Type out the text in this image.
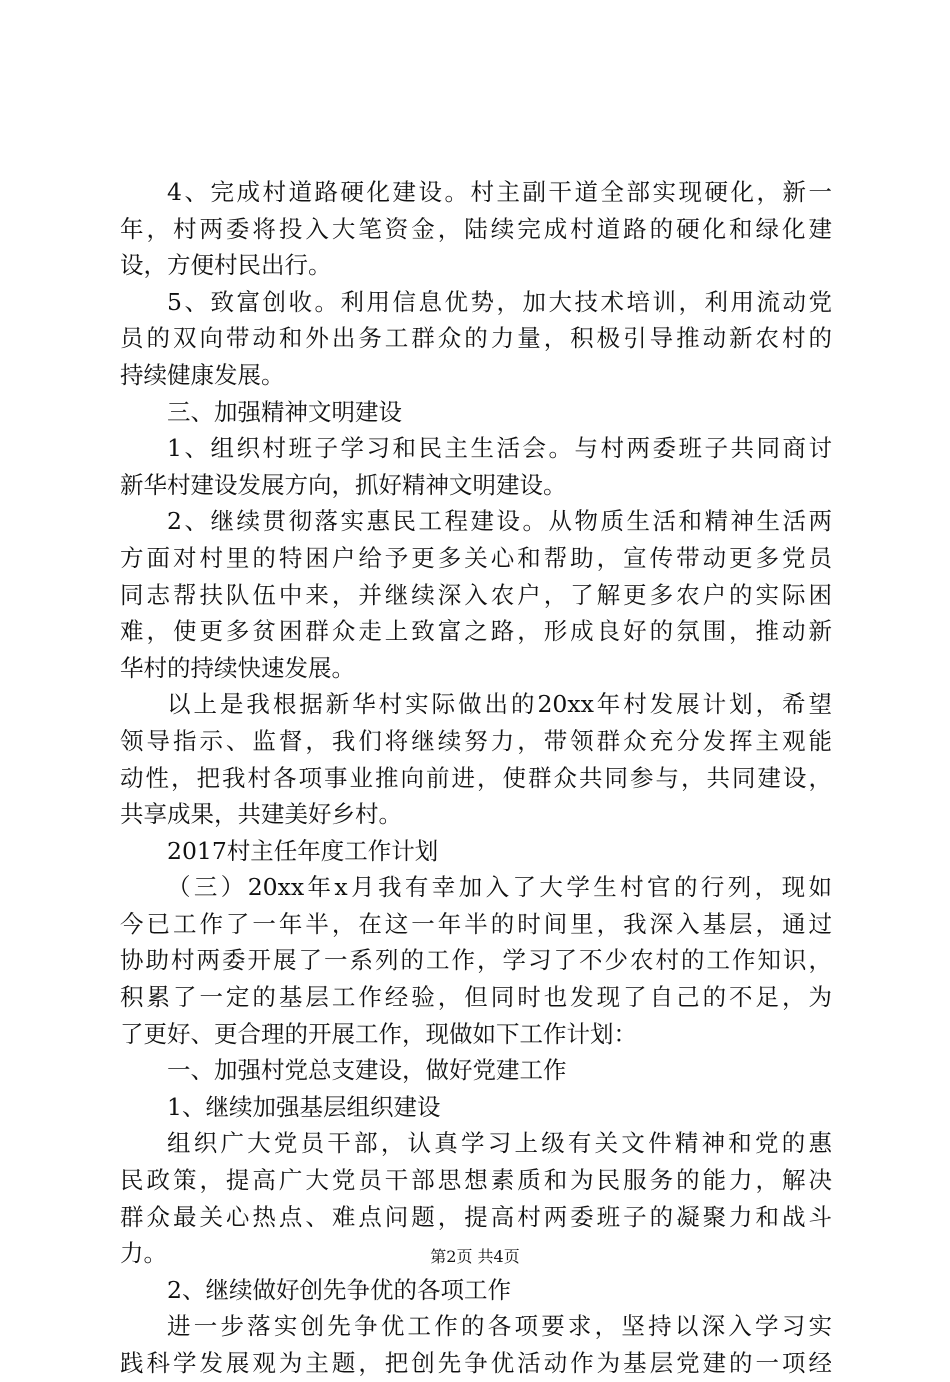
4、完成村道路硬化建设。村主副干道全部实现硬化，新一
年，村两委将投入大笔资金，陆续完成村道路的硬化和绿化建
设，方便村民出行。
5、致富创收。利用信息优势，加大技术培训，利用流动党
员的双向带动和外出务工群众的力量，积极引导推动新农村的
持续健康发展。
三、加强精神文明建设
1、组织村班子学习和民主生活会。与村两委班子共同商讨
新华村建设发展方向，抓好精神文明建设。
2、继续贯彻落实惠民工程建设。从物质生活和精神生活两
方面对村里的特困户给予更多关心和帮助，宣传带动更多党员
同志帮扶队伍中来，并继续深入农户，了解更多农户的实际困
难，使更多贫困群众走上致富之路，形成良好的氛围，推动新
华村的持续快速发展。
以上是我根据新华村实际做出的20xx年村发展计划，希望
领导指示、监督，我们将继续努力，带领群众充分发挥主观能
动性，把我村各项事业推向前进，使群众共同参与，共同建设，
共享成果，共建美好乡村。
2017村主任年度工作计划
（三）20xx年x月我有幸加入了大学生村官的行列，现如
今已工作了一年半，在这一年半的时间里，我深入基层，通过
协助村两委开展了一系列的工作，学习了不少农村的工作知识，
积累了一定的基层工作经验，但同时也发现了自己的不足，为
了更好、更合理的开展工作，现做如下工作计划：
一、加强村党总支建设，做好党建工作
1、继续加强基层组织建设
组织广大党员干部，认真学习上级有关文件精神和党的惠
民政策，提高广大党员干部思想素质和为民服务的能力，解决
群众最关心热点、难点问题，提高村两委班子的凝聚力和战斗
力。
2、继续做好创先争优的各项工作
进一步落实创先争优工作的各项要求，坚持以深入学习实
践科学发展观为主题，把创先争优活动作为基层党建的一项经
第2页 共4页
